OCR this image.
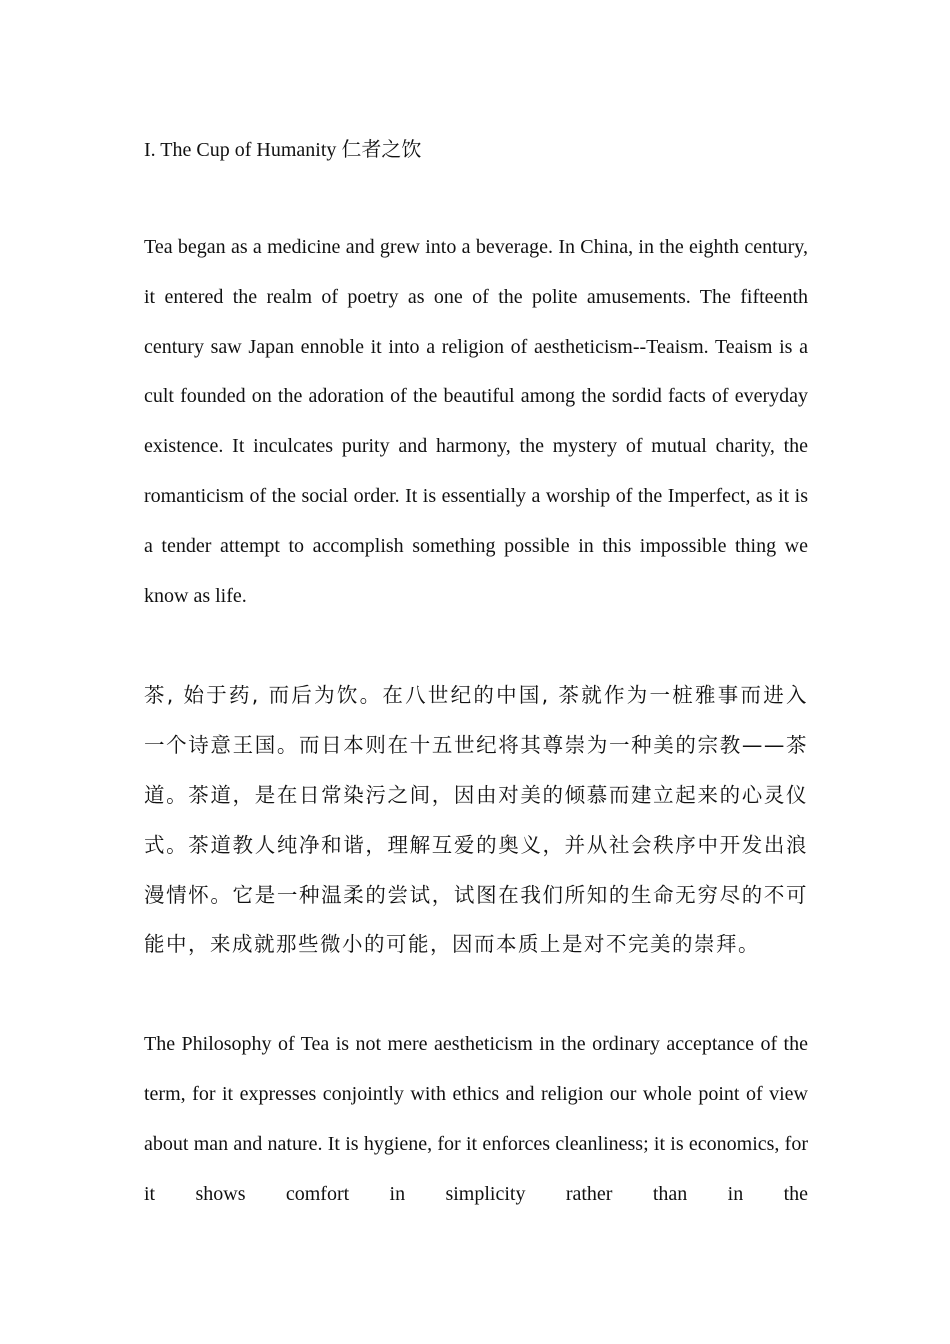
I. The Cup of Humanity 仁者之饮

Tea began as a medicine and grew into a beverage. In China, in the eighth century, it entered the realm of poetry as one of the polite amusements. The fifteenth century saw Japan ennoble it into a religion of aestheticism--Teaism. Teaism is a cult founded on the adoration of the beautiful among the sordid facts of everyday existence. It inculcates purity and harmony, the mystery of mutual charity, the romanticism of the social order. It is essentially a worship of the Imperfect, as it is a tender attempt to accomplish something possible in this impossible thing we know as life.

茶, 始于药, 而后为饮。在八世纪的中国, 茶就作为一桩雅事而进入一个诗意王国。而日本则在十五世纪将其尊崇为一种美的宗教——茶道。茶道，是在日常染污之间，因由对美的倾慕而建立起来的心灵仪式。茶道教人纯净和谐，理解互爱的奥义，并从社会秩序中开发出浪漫情怀。它是一种温柔的尝试，试图在我们所知的生命无穷尽的不可能中，来成就那些微小的可能，因而本质上是对不完美的崇拜。

The Philosophy of Tea is not mere aestheticism in the ordinary acceptance of the term, for it expresses conjointly with ethics and religion our whole point of view about man and nature. It is hygiene, for it enforces cleanliness; it is economics, for it shows comfort in simplicity rather than in the
